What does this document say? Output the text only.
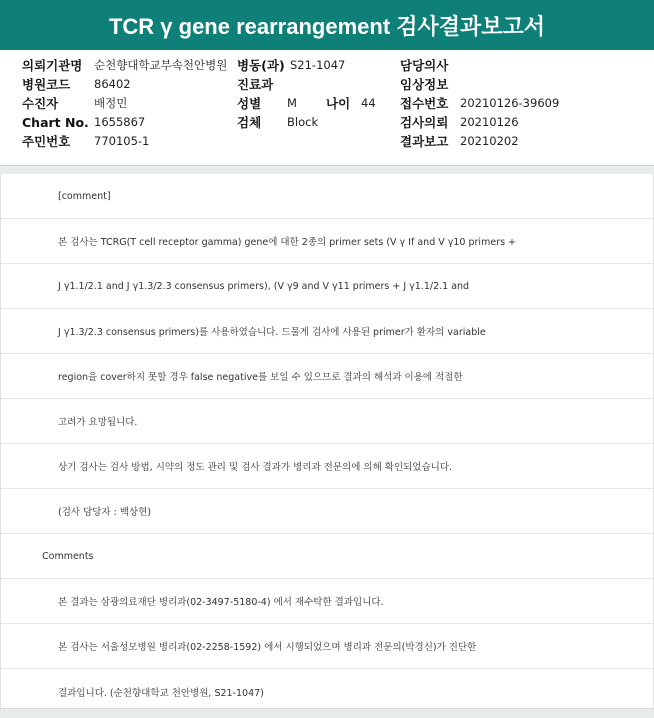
TCR γ gene rearrangement 검사결과보고서
의뢰기관명 순천향대학교부속천안병원 병동(과) S21-1047	담당의사
병원코드 86402	진료과	임상정보
수진자	배정민	성별 M 나이 44 접수번호 20210126-39609
Chart No. 1655867	검체 Block	검사의뢰 20210126
주민번호 770105-1	결과보고 20210202
[comment]
본 검사는 TCRG(T cell receptor gamma) gene에 대한 2종의 primer sets (V γ If and V γ10 primers +
J γ1.1/2.1 and J γ1.3/2.3 consensus primers), (V γ9 and V γ11 primers + J γ1.1/2.1 and
J γ1.3/2.3 consensus primers)를 사용하였습니다. 드물게 검사에 사용된 primer가 환자의 variable
region을 cover하지 못할 경우 false negative를 보일 수 있으므로 결과의 해석과 이용에 적절한
고려가 요망됩니다.
상기 검사는 검사 방법, 시약의 정도 관리 및 검사 결과가 병리과 전문의에 의해 확인되었습니다.
(검사 담당자 : 백상현)
Comments
본 결과는 삼광의료재단 병리과(02-3497-5180-4) 에서 재수탁한 결과입니다.
본 검사는 서울성모병원 병리과(02-2258-1592) 에서 시행되었으며 병리과 전문의(박경신)가 진단한
결과입니다. (순천향대학교 천안병원, S21-1047)
